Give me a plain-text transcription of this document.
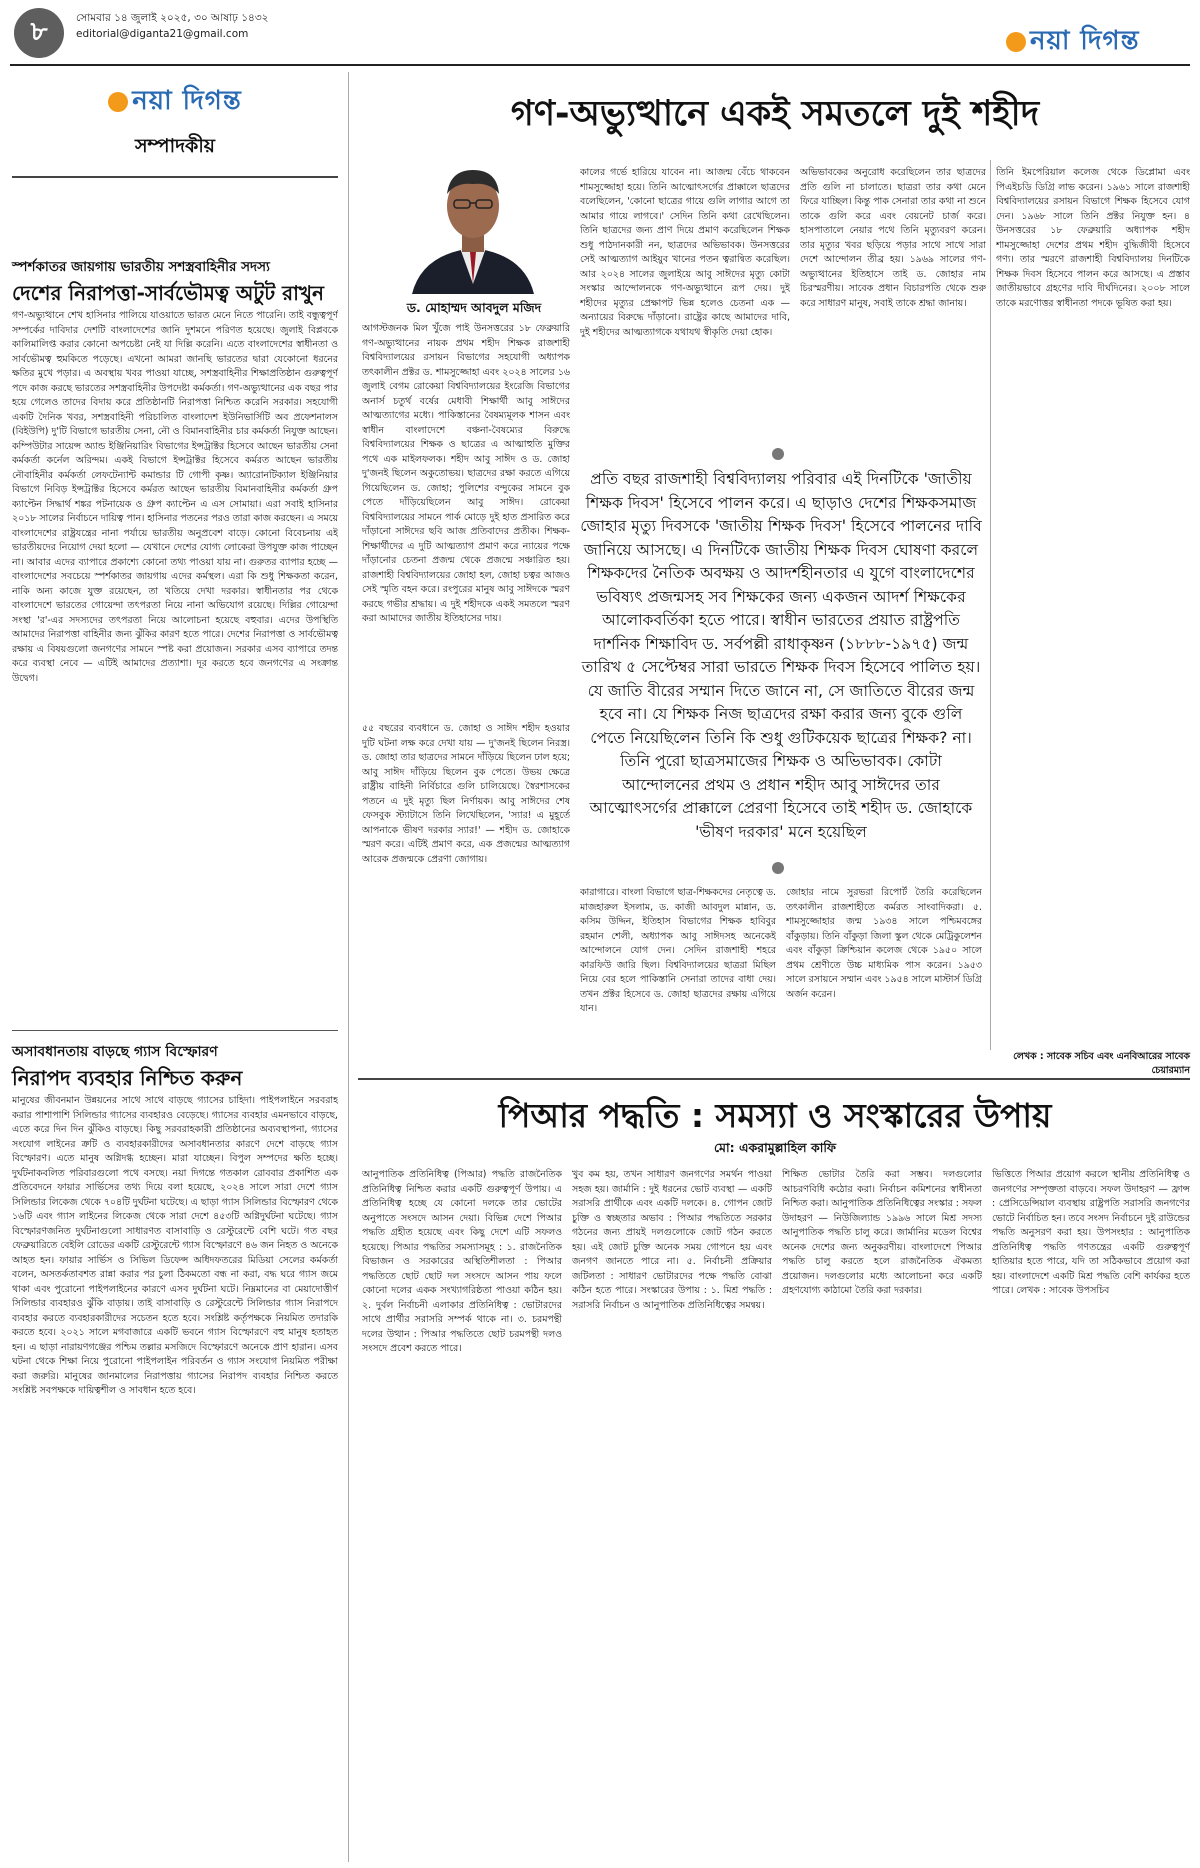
৮	সোমবার ১৪ জুলাই ২০২৫, ৩০ আষাঢ় ১৪৩২
editorial@diganta21@gmail.com	নয়া দিগন্ত
নয়া দিগন্ত
সম্পাদকীয়
স্পর্শকাতর জায়গায় ভারতীয় সশস্ত্রবাহিনীর সদস্য
দেশের নিরাপত্তা-সার্বভৌমত্ব অটুট রাখুন
গণ-অভ্যুত্থানে শেখ হাসিনার পালিয়ে যাওয়াতে ভারত মেনে নিতে পারেনি। তাই বন্ধুত্বপূর্ণ সম্পর্কের দাবিদার দেশটি বাংলাদেশের জানি দুশমনে পরিণত হয়েছে। জুলাই বিপ্লবকে কালিমালিপ্ত করার কোনো অপচেষ্টা নেই যা দিল্লি করেনি। এতে বাংলাদেশের স্বাধীনতা ও সার্বভৌমত্ব হুমকিতে পড়েছে। এখনো আমরা জানছি ভারতের দ্বারা যেকোনো ধরনের ক্ষতির মুখে পড়ার। এ অবস্থায় খবর পাওয়া যাচ্ছে, সশস্ত্রবাহিনীর শিক্ষাপ্রতিষ্ঠান গুরুত্বপূর্ণ পদে কাজ করছে ভারতের সশস্ত্রবাহিনীর উপদেষ্টা কর্মকর্তা। গণ-অভ্যুত্থানের এক বছর পার হয়ে গেলেও তাদের বিদায় করে প্রতিষ্ঠানটি নিরাপত্তা নিশ্চিত করেনি সরকার। সহযোগী একটি দৈনিক খবর, সশস্ত্রবাহিনী পরিচালিত বাংলাদেশ ইউনিভার্সিটি অব প্রফেশনালস (বিইউপি) দু'টি বিভাগে ভারতীয় সেনা, নৌ ও বিমানবাহিনীর চার কর্মকর্তা নিযুক্ত আছেন। কম্পিউটার সায়েন্স অ্যান্ড ইঞ্জিনিয়ারিং বিভাগের ইন্সট্রাক্টর হিসেবে আছেন ভারতীয় সেনা কর্মকর্তা কর্নেল অরিন্দম। একই বিভাগে ইন্সট্রাক্টর হিসেবে কর্মরত আছেন ভারতীয় নৌবাহিনীর কর্মকর্তা লেফটেন্যান্ট কমান্ডার টি গোপী কৃষ্ণ। অ্যারোনটিক্যাল ইঞ্জিনিয়ার বিভাগে নিবিড় ইন্সট্রাক্টর হিসেবে কর্মরত আছেন ভারতীয় বিমানবাহিনীর কর্মকর্তা গ্রুপ ক্যাপ্টেন সিদ্ধার্থ শঙ্কর পটনায়েক ও গ্রুপ ক্যাপ্টেন এ এস সোমায়া। এরা সবাই হাসিনার ২০১৮ সালের নির্বাচনে দায়িত্ব পান। হাসিনার পতনের পরও তারা কাজ করছেন। এ সময়ে বাংলাদেশের রাষ্ট্রযন্ত্রের নানা পর্যায়ে ভারতীয় অনুপ্রবেশ বাড়ে। কোনো বিবেচনায় এই ভারতীয়দের নিয়োগ দেয়া হলো — যেখানে দেশের যোগ্য লোকেরা উপযুক্ত কাজ পাচ্ছেন না। আবার এদের ব্যাপারে প্রকাশ্যে কোনো তথ্য পাওয়া যায় না। গুরুতর ব্যাপার হচ্ছে — বাংলাদেশের সবচেয়ে স্পর্শকাতর জায়গায় এদের কর্মস্থল। এরা কি শুধু শিক্ষকতা করেন, নাকি অন্য কাজে যুক্ত রয়েছেন, তা খতিয়ে দেখা দরকার। স্বাধীনতার পর থেকে বাংলাদেশে ভারতের গোয়েন্দা তৎপরতা নিয়ে নানা অভিযোগ রয়েছে। দিল্লির গোয়েন্দা সংস্থা 'র'-এর সদস্যদের তৎপরতা নিয়ে আলোচনা হয়েছে বহুবার। এদের উপস্থিতি আমাদের নিরাপত্তা বাহিনীর জন্য ঝুঁকির কারণ হতে পারে। দেশের নিরাপত্তা ও সার্বভৌমত্ব রক্ষায় এ বিষয়গুলো জনগণের সামনে স্পষ্ট করা প্রয়োজন। সরকার এসব ব্যাপারে তদন্ত করে ব্যবস্থা নেবে — এটিই আমাদের প্রত্যাশা। দূর করতে হবে জনগণের এ সংক্রান্ত উদ্বেগ।
অসাবধানতায় বাড়ছে গ্যাস বিস্ফোরণ
নিরাপদ ব্যবহার নিশ্চিত করুন
মানুষের জীবনমান উন্নয়নের সাথে সাথে বাড়ছে গ্যাসের চাহিদা। পাইপলাইনে সরবরাহ করার পাশাপাশি সিলিন্ডার গ্যাসের ব্যবহারও বেড়েছে। গ্যাসের ব্যবহার এমনভাবে বাড়ছে, এতে করে দিন দিন ঝুঁকিও বাড়ছে। কিছু সরবরাহকারী প্রতিষ্ঠানের অব্যবস্থাপনা, গ্যাসের সংযোগ লাইনের ক্রটি ও ব্যবহারকারীদের অসাবধানতার কারণে দেশে বাড়ছে গ্যাস বিস্ফোরণ। এতে মানুষ অগ্নিদগ্ধ হচ্ছেন। মারা যাচ্ছেন। বিপুল সম্পদের ক্ষতি হচ্ছে। দুর্ঘটনাকবলিত পরিবারগুলো পথে বসছে। নয়া দিগন্তে গতকাল রোববার প্রকাশিত এক প্রতিবেদনে ফায়ার সার্ভিসের তথ্য দিয়ে বলা হয়েছে, ২০২৪ সালে সারা দেশে গ্যাস সিলিন্ডার লিকেজ থেকে ৭০৪টি দুর্ঘটনা ঘটেছে। এ ছাড়া গ্যাস সিলিন্ডার বিস্ফোরণ থেকে ১৬টি এবং গ্যাস লাইনের লিকেজ থেকে সারা দেশে ৪৫৩টি অগ্নিদুর্ঘটনা ঘটেছে। গ্যাস বিস্ফোরণজনিত দুর্ঘটনাগুলো সাধারণত বাসাবাড়ি ও রেস্টুরেন্টে বেশি ঘটে। গত বছর ফেব্রুয়ারিতে বেইলি রোডের একটি রেস্টুরেন্টে গ্যাস বিস্ফোরণে ৪৬ জন নিহত ও অনেকে আহত হন। ফায়ার সার্ভিস ও সিভিল ডিফেন্স অধিদফতরের মিডিয়া সেলের কর্মকর্তা বলেন, অসতর্কতাবশত রান্না করার পর চুলা ঠিকমতো বন্ধ না করা, বদ্ধ ঘরে গ্যাস জমে থাকা এবং পুরোনো পাইপলাইনের কারণে এসব দুর্ঘটনা ঘটে। নিম্নমানের বা মেয়াদোত্তীর্ণ সিলিন্ডার ব্যবহারও ঝুঁকি বাড়ায়। তাই বাসাবাড়ি ও রেস্টুরেন্টে সিলিন্ডার গ্যাস নিরাপদে ব্যবহার করতে ব্যবহারকারীদের সচেতন হতে হবে। সংশ্লিষ্ট কর্তৃপক্ষকে নিয়মিত তদারকি করতে হবে। ২০২১ সালে মগবাজারে একটি ভবনে গ্যাস বিস্ফোরণে বহু মানুষ হতাহত হন। এ ছাড়া নারায়ণগঞ্জের পশ্চিম তল্লার মসজিদে বিস্ফোরণে অনেকে প্রাণ হারান। এসব ঘটনা থেকে শিক্ষা নিয়ে পুরোনো পাইপলাইন পরিবর্তন ও গ্যাস সংযোগ নিয়মিত পরীক্ষা করা জরুরি। মানুষের জানমালের নিরাপত্তায় গ্যাসের নিরাপদ ব্যবহার নিশ্চিত করতে সংশ্লিষ্ট সবপক্ষকে দায়িত্বশীল ও সাবধান হতে হবে।
গণ-অভ্যুত্থানে একই সমতলে দুই শহীদ
ড. মোহাম্মদ আবদুল মজিদ
আগস্টজনক মিল খুঁজে পাই উনসত্তরের ১৮ ফেব্রুয়ারি গণ-অভ্যুত্থানের নায়ক প্রথম শহীদ শিক্ষক রাজশাহী বিশ্ববিদ্যালয়ের রসায়ন বিভাগের সহযোগী অধ্যাপক তৎকালীন প্রক্টর ড. শামসুজ্জোহা এবং ২০২৪ সালের ১৬ জুলাই বেগম রোকেয়া বিশ্ববিদ্যালয়ের ইংরেজি বিভাগের অনার্স চতুর্থ বর্ষের মেধাবী শিক্ষার্থী আবু সাঈদের আত্মত্যাগের মধ্যে। পাকিস্তানের বৈষম্যমূলক শাসন এবং স্বাধীন বাংলাদেশে বঞ্চনা-বৈষম্যের বিরুদ্ধে বিশ্ববিদ্যালয়ের শিক্ষক ও ছাত্রের এ আত্মাহুতি মুক্তির পথে এক মাইলফলক। শহীদ আবু সাঈদ ও ড. জোহা দু'জনই ছিলেন অকুতোভয়। ছাত্রদের রক্ষা করতে এগিয়ে গিয়েছিলেন ড. জোহা; পুলিশের বন্দুকের সামনে বুক পেতে দাঁড়িয়েছিলেন আবু সাঈদ। রোকেয়া বিশ্ববিদ্যালয়ের সামনে পার্ক মোড়ে দুই হাত প্রসারিত করে দাঁড়ানো সাঈদের ছবি আজ প্রতিবাদের প্রতীক। শিক্ষক-শিক্ষার্থীদের এ দুটি আত্মত্যাগ প্রমাণ করে ন্যায়ের পক্ষে দাঁড়ানোর চেতনা প্রজন্ম থেকে প্রজন্মে সঞ্চারিত হয়। রাজশাহী বিশ্ববিদ্যালয়ের জোহা হল, জোহা চত্বর আজও সেই স্মৃতি বহন করে। রংপুরের মানুষ আবু সাঈদকে স্মরণ করছে গভীর শ্রদ্ধায়। এ দুই শহীদকে একই সমতলে স্মরণ করা আমাদের জাতীয় ইতিহাসের দায়।
কালের গর্ভে হারিয়ে যাবেন না। আজন্ম বেঁচে থাকবেন শামসুজ্জোহা হয়ে। তিনি আত্মোৎসর্গের প্রাক্কালে ছাত্রদের বলেছিলেন, 'কোনো ছাত্রের গায়ে গুলি লাগার আগে তা আমার গায়ে লাগবে।' সেদিন তিনি কথা রেখেছিলেন। তিনি ছাত্রদের জন্য প্রাণ দিয়ে প্রমাণ করেছিলেন শিক্ষক শুধু পাঠদানকারী নন, ছাত্রদের অভিভাবক। উনসত্তরের সেই আত্মত্যাগ আইয়ুব খানের পতন ত্বরান্বিত করেছিল। আর ২০২৪ সালের জুলাইয়ে আবু সাঈদের মৃত্যু কোটা সংস্কার আন্দোলনকে গণ-অভ্যুত্থানে রূপ দেয়। দুই শহীদের মৃত্যুর প্রেক্ষাপট ভিন্ন হলেও চেতনা এক — অন্যায়ের বিরুদ্ধে দাঁড়ানো। রাষ্ট্রের কাছে আমাদের দাবি, দুই শহীদের আত্মত্যাগকে যথাযথ স্বীকৃতি দেয়া হোক।
অভিভাবকের অনুরোধ করেছিলেন তার ছাত্রদের প্রতি গুলি না চালাতে। ছাত্ররা তার কথা মেনে ফিরে যাচ্ছিল। কিন্তু পাক সেনারা তার কথা না শুনে তাকে গুলি করে এবং বেয়নেট চার্জ করে। হাসপাতালে নেয়ার পথে তিনি মৃত্যুবরণ করেন। তার মৃত্যুর খবর ছড়িয়ে পড়ার সাথে সাথে সারা দেশে আন্দোলন তীব্র হয়। ১৯৬৯ সালের গণ-অভ্যুত্থানের ইতিহাসে তাই ড. জোহার নাম চিরস্মরণীয়। সাবেক প্রধান বিচারপতি থেকে শুরু করে সাধারণ মানুষ, সবাই তাকে শ্রদ্ধা জানায়।
তিনি ইমপেরিয়াল কলেজ থেকে ডিপ্লোমা এবং পিএইচডি ডিগ্রি লাভ করেন। ১৯৬১ সালে রাজশাহী বিশ্ববিদ্যালয়ের রসায়ন বিভাগে শিক্ষক হিসেবে যোগ দেন। ১৯৬৮ সালে তিনি প্রক্টর নিযুক্ত হন। ৪ উনসত্তরের ১৮ ফেব্রুয়ারি অধ্যাপক শহীদ শামসুজ্জোহা দেশের প্রথম শহীদ বুদ্ধিজীবী হিসেবে গণ্য। তার স্মরণে রাজশাহী বিশ্ববিদ্যালয় দিনটিকে শিক্ষক দিবস হিসেবে পালন করে আসছে। এ প্রস্তাব জাতীয়ভাবে গ্রহণের দাবি দীর্ঘদিনের। ২০০৮ সালে তাকে মরণোত্তর স্বাধীনতা পদকে ভূষিত করা হয়।
প্রতি বছর রাজশাহী বিশ্ববিদ্যালয় পরিবার এই দিনটিকে 'জাতীয় শিক্ষক দিবস' হিসেবে পালন করে। এ ছাড়াও দেশের শিক্ষকসমাজ জোহার মৃত্যু দিবসকে 'জাতীয় শিক্ষক দিবস' হিসেবে পালনের দাবি জানিয়ে আসছে। এ দিনটিকে জাতীয় শিক্ষক দিবস ঘোষণা করলে শিক্ষকদের নৈতিক অবক্ষয় ও আদর্শহীনতার এ যুগে বাংলাদেশের ভবিষ্যৎ প্রজন্মসহ সব শিক্ষকের জন্য একজন আদর্শ শিক্ষকের আলোকবর্তিকা হতে পারে। স্বাধীন ভারতের প্রয়াত রাষ্ট্রপতি দার্শনিক শিক্ষাবিদ ড. সর্বপল্লী রাধাকৃষ্ণন (১৮৮৮-১৯৭৫) জন্ম তারিখ ৫ সেপ্টেম্বর সারা ভারতে শিক্ষক দিবস হিসেবে পালিত হয়। যে জাতি বীরের সম্মান দিতে জানে না, সে জাতিতে বীরের জন্ম হবে না। যে শিক্ষক নিজ ছাত্রদের রক্ষা করার জন্য বুকে গুলি পেতে নিয়েছিলেন তিনি কি শুধু গুটিকয়েক ছাত্রের শিক্ষক? না। তিনি পুরো ছাত্রসমাজের শিক্ষক ও অভিভাবক। কোটা আন্দোলনের প্রথম ও প্রধান শহীদ আবু সাঈদের তার আত্মোৎসর্গের প্রাক্কালে প্রেরণা হিসেবে তাই শহীদ ড. জোহাকে 'ভীষণ দরকার' মনে হয়েছিল
৫৫ বছরের ব্যবধানে ড. জোহা ও সাঈদ শহীদ হওয়ার দুটি ঘটনা লক্ষ করে দেখা যায় — দু'জনই ছিলেন নিরস্ত্র। ড. জোহা তার ছাত্রদের সামনে দাঁড়িয়ে ছিলেন ঢাল হয়ে; আবু সাঈদ দাঁড়িয়ে ছিলেন বুক পেতে। উভয় ক্ষেত্রে রাষ্ট্রীয় বাহিনী নির্বিচারে গুলি চালিয়েছে। স্বৈরশাসকের পতনে এ দুই মৃত্যু ছিল নির্ণায়ক। আবু সাঈদের শেষ ফেসবুক স্ট্যাটাসে তিনি লিখেছিলেন, 'স্যার! এ মুহূর্তে আপনাকে ভীষণ দরকার স্যার!' — শহীদ ড. জোহাকে স্মরণ করে। এটিই প্রমাণ করে, এক প্রজন্মের আত্মত্যাগ আরেক প্রজন্মকে প্রেরণা জোগায়।
কারাগারে। বাংলা বিভাগে ছাত্র-শিক্ষকদের নেতৃত্বে ড. মাজহারুল ইসলাম, ড. কাজী আবদুল মান্নান, ড. কসিম উদ্দিন, ইতিহাস বিভাগের শিক্ষক হাবিবুর রহমান শেলী, অধ্যাপক আবু সাঈদসহ অনেকেই আন্দোলনে যোগ দেন। সেদিন রাজশাহী শহরে কারফিউ জারি ছিল। বিশ্ববিদ্যালয়ের ছাত্ররা মিছিল নিয়ে বের হলে পাকিস্তানি সেনারা তাদের বাধা দেয়। তখন প্রক্টর হিসেবে ড. জোহা ছাত্রদের রক্ষায় এগিয়ে যান।
জোহার নামে সুরভরা রিপোর্ট তৈরি করেছিলেন তৎকালীন রাজশাহীতে কর্মরত সাংবাদিকরা। ৫. শামসুজ্জোহার জন্ম ১৯৩৪ সালে পশ্চিমবঙ্গের বাঁকুড়ায়। তিনি বাঁকুড়া জিলা স্কুল থেকে মেট্রিকুলেশন এবং বাঁকুড়া ক্রিশ্চিয়ান কলেজ থেকে ১৯৫০ সালে প্রথম শ্রেণীতে উচ্চ মাধ্যমিক পাস করেন। ১৯৫৩ সালে রসায়নে সম্মান এবং ১৯৫৪ সালে মাস্টার্স ডিগ্রি অর্জন করেন।
লেখক : সাবেক সচিব এবং এনবিআরের সাবেক চেয়ারম্যান
পিআর পদ্ধতি : সমস্যা ও সংস্কারের উপায়
মো: একরামুল্লাহিল কাফি
আনুপাতিক প্রতিনিধিত্ব (পিআর) পদ্ধতি রাজনৈতিক প্রতিনিধিত্ব নিশ্চিত করার একটি গুরুত্বপূর্ণ উপায়। এ প্রতিনিধিত্ব হচ্ছে যে কোনো দলকে তার ভোটের অনুপাতে সংসদে আসন দেয়া। বিভিন্ন দেশে পিআর পদ্ধতি গ্রহীত হয়েছে এবং কিছু দেশে এটি সফলও হয়েছে। পিআর পদ্ধতির সমস্যাসমূহ : ১. রাজনৈতিক বিভাজন ও সরকারের অস্থিতিশীলতা : পিআর পদ্ধতিতে ছোট ছোট দল সংসদে আসন পায় ফলে কোনো দলের একক সংখ্যাগরিষ্ঠতা পাওয়া কঠিন হয়। ২. দুর্বল নির্বাচনী এলাকার প্রতিনিধিত্ব : ভোটারদের সাথে প্রার্থীর সরাসরি সম্পর্ক থাকে না। ৩. চরমপন্থী দলের উত্থান : পিআর পদ্ধতিতে ছোট চরমপন্থী দলও সংসদে প্রবেশ করতে পারে।
খুব কম হয়, তখন সাধারণ জনগণের সমর্থন পাওয়া সহজ হয়। জার্মানি : দুই ধরনের ভোট ব্যবস্থা — একটি সরাসরি প্রার্থীকে এবং একটি দলকে। ৪. গোপন জোট চুক্তি ও স্বচ্ছতার অভাব : পিআর পদ্ধতিতে সরকার গঠনের জন্য প্রায়ই দলগুলোকে জোট গঠন করতে হয়। এই জোট চুক্তি অনেক সময় গোপনে হয় এবং জনগণ জানতে পারে না। ৫. নির্বাচনী প্রক্রিয়ার জটিলতা : সাধারণ ভোটারদের পক্ষে পদ্ধতি বোঝা কঠিন হতে পারে। সংস্কারের উপায় : ১. মিশ্র পদ্ধতি : সরাসরি নির্বাচন ও আনুপাতিক প্রতিনিধিত্বের সমন্বয়।
শিক্ষিত ভোটার তৈরি করা সম্ভব। দলগুলোর আচরণবিধি কঠোর করা। নির্বাচন কমিশনের স্বাধীনতা নিশ্চিত করা। আনুপাতিক প্রতিনিধিত্বের সংস্কার : সফল উদাহরণ — নিউজিল্যান্ড ১৯৯৬ সালে মিশ্র সদস্য আনুপাতিক পদ্ধতি চালু করে। জার্মানির মডেল বিশ্বের অনেক দেশের জন্য অনুকরণীয়। বাংলাদেশে পিআর পদ্ধতি চালু করতে হলে রাজনৈতিক ঐকমত্য প্রয়োজন। দলগুলোর মধ্যে আলোচনা করে একটি গ্রহণযোগ্য কাঠামো তৈরি করা দরকার।
ভিত্তিতে পিআর প্রয়োগ করলে স্থানীয় প্রতিনিধিত্ব ও জনগণের সম্পৃক্ততা বাড়বে। সফল উদাহরণ — ফ্রান্স : প্রেসিডেন্সিয়াল ব্যবস্থায় রাষ্ট্রপতি সরাসরি জনগণের ভোটে নির্বাচিত হন। তবে সংসদ নির্বাচনে দুই রাউন্ডের পদ্ধতি অনুসরণ করা হয়। উপসংহার : আনুপাতিক প্রতিনিধিত্ব পদ্ধতি গণতন্ত্রের একটি গুরুত্বপূর্ণ হাতিয়ার হতে পারে, যদি তা সঠিকভাবে প্রয়োগ করা হয়। বাংলাদেশে একটি মিশ্র পদ্ধতি বেশি কার্যকর হতে পারে। লেখক : সাবেক উপসচিব
